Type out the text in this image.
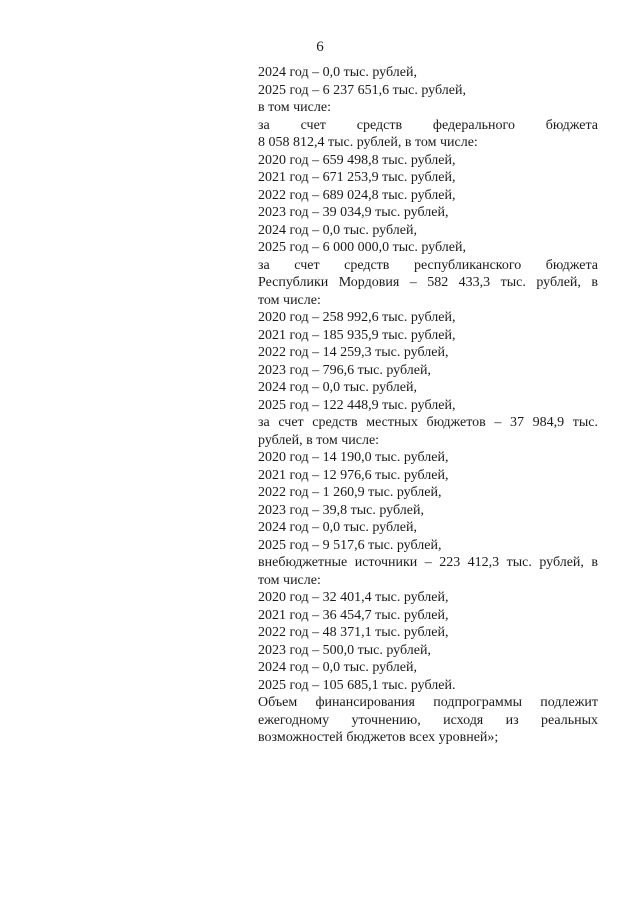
6
2024 год – 0,0 тыс. рублей,
2025 год – 6 237 651,6 тыс. рублей,
в том числе:
за счет средств федерального бюджета
8 058 812,4 тыс. рублей, в том числе:
2020 год – 659 498,8 тыс. рублей,
2021 год – 671 253,9 тыс. рублей,
2022 год – 689 024,8 тыс. рублей,
2023 год – 39 034,9 тыс. рублей,
2024 год – 0,0 тыс. рублей,
2025 год – 6 000 000,0 тыс. рублей,
за счет средств республиканского бюджета
Республики Мордовия – 582 433,3 тыс. рублей, в
том числе:
2020 год – 258 992,6 тыс. рублей,
2021 год – 185 935,9 тыс. рублей,
2022 год – 14 259,3 тыс. рублей,
2023 год – 796,6 тыс. рублей,
2024 год – 0,0 тыс. рублей,
2025 год – 122 448,9 тыс. рублей,
за счет средств местных бюджетов – 37 984,9 тыс.
рублей, в том числе:
2020 год – 14 190,0 тыс. рублей,
2021 год – 12 976,6 тыс. рублей,
2022 год – 1 260,9 тыс. рублей,
2023 год – 39,8 тыс. рублей,
2024 год – 0,0 тыс. рублей,
2025 год – 9 517,6 тыс. рублей,
внебюджетные источники – 223 412,3 тыс. рублей, в
том числе:
2020 год – 32 401,4 тыс. рублей,
2021 год – 36 454,7 тыс. рублей,
2022 год – 48 371,1 тыс. рублей,
2023 год – 500,0 тыс. рублей,
2024 год – 0,0 тыс. рублей,
2025 год – 105 685,1 тыс. рублей.
Объем финансирования подпрограммы подлежит
ежегодному уточнению, исходя из реальных
возможностей бюджетов всех уровней»;
